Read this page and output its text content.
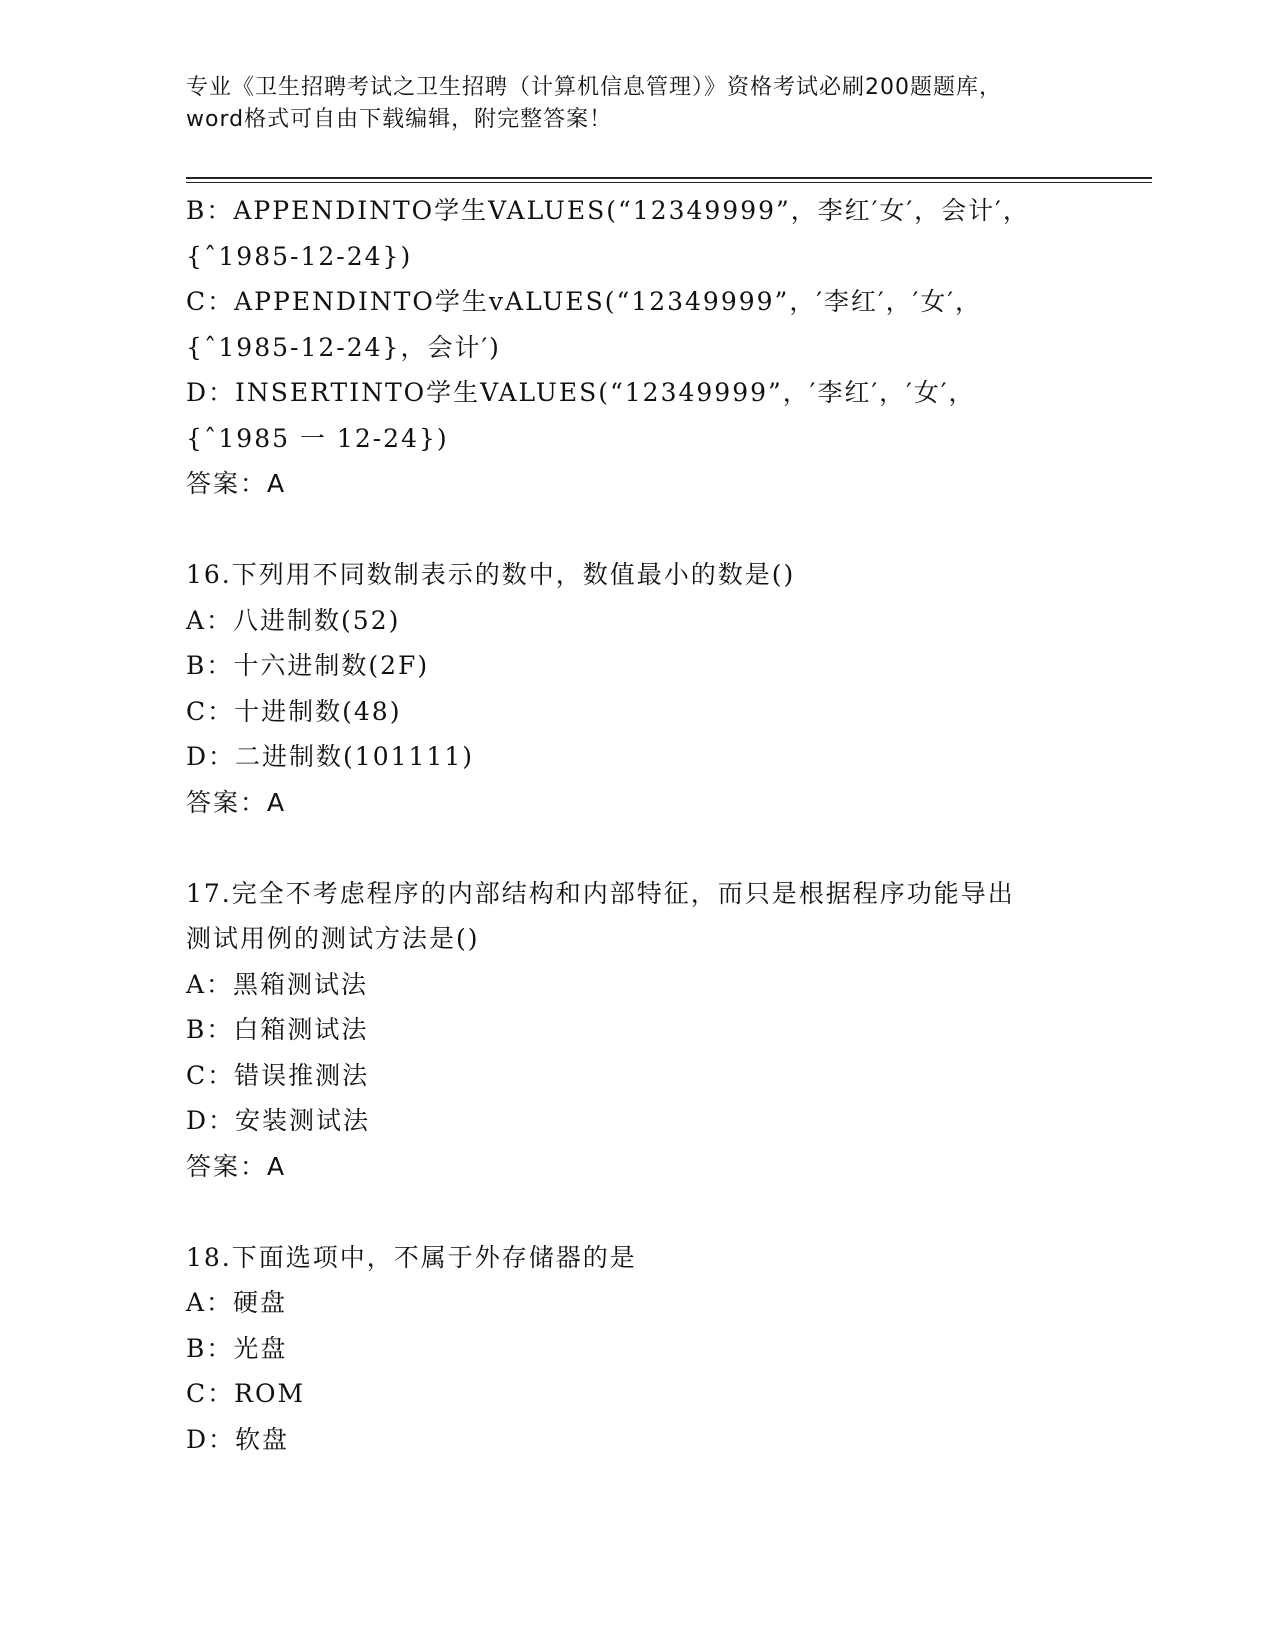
专业《卫生招聘考试之卫生招聘（计算机信息管理）》资格考试必刷200题题库，
word格式可自由下载编辑，附完整答案！
B：APPENDINTO学生VALUES(“12349999”，李红′女′，会计′，
{ˆ1985-12-24})
C：APPENDINTO学生vALUES(“12349999”，′李红′，′女′，
{ˆ1985-12-24}，会计′)
D：INSERTINTO学生VALUES(“12349999”，′李红′，′女′，
{ˆ1985 一 12-24})
答案：A
16.下列用不同数制表示的数中，数值最小的数是()
A：八进制数(52)
B：十六进制数(2F)
C：十进制数(48)
D：二进制数(101111)
答案：A
17.完全不考虑程序的内部结构和内部特征，而只是根据程序功能导出
测试用例的测试方法是()
A：黑箱测试法
B：白箱测试法
C：错误推测法
D：安装测试法
答案：A
18.下面选项中，不属于外存储器的是
A：硬盘
B：光盘
C：ROM
D：软盘
